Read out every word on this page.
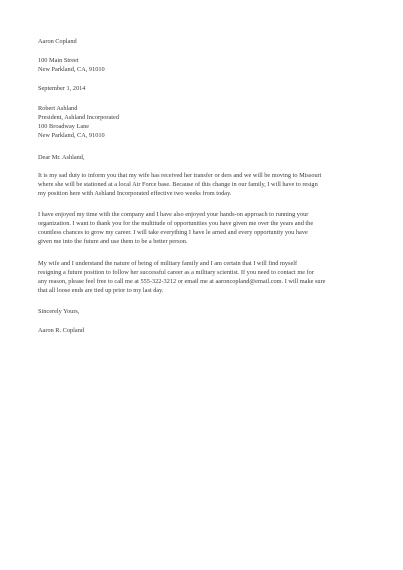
Aaron Copland
100 Main Street
New Parkland, CA, 91010
September 1, 2014
Robert Ashland
President, Ashland Incorporated
100 Broadway Lane
New Parkland, CA, 91010
Dear Mr. Ashland,
It is my sad duty to inform you that my wife has received her transfer or ders and we will be moving to Missouri
where she will be stationed at a local Air Force base. Because of this change in our family, I will have to resign
my position here with Ashland Incorporated effective two weeks from today.
I have enjoyed my time with the company and I have also enjoyed your hands-on approach to running your
organization. I want to thank you for the multitude of opportunities you have given me over the years and the
countless chances to grow my career. I will take everything I have le arned and every opportunity you have
given me into the future and use them to be a better person.
My wife and I understand the nature of being of military family and I am certain that I will find myself
resigning a future position to follow her successful career as a military scientist. If you need to contact me for
any reason, please feel free to call me at 555-322-3212 or email me at aaroncopland@email.com. I will make sure
that all loose ends are tied up prior to my last day.
Sincerely Yours,
Aaron R. Copland
